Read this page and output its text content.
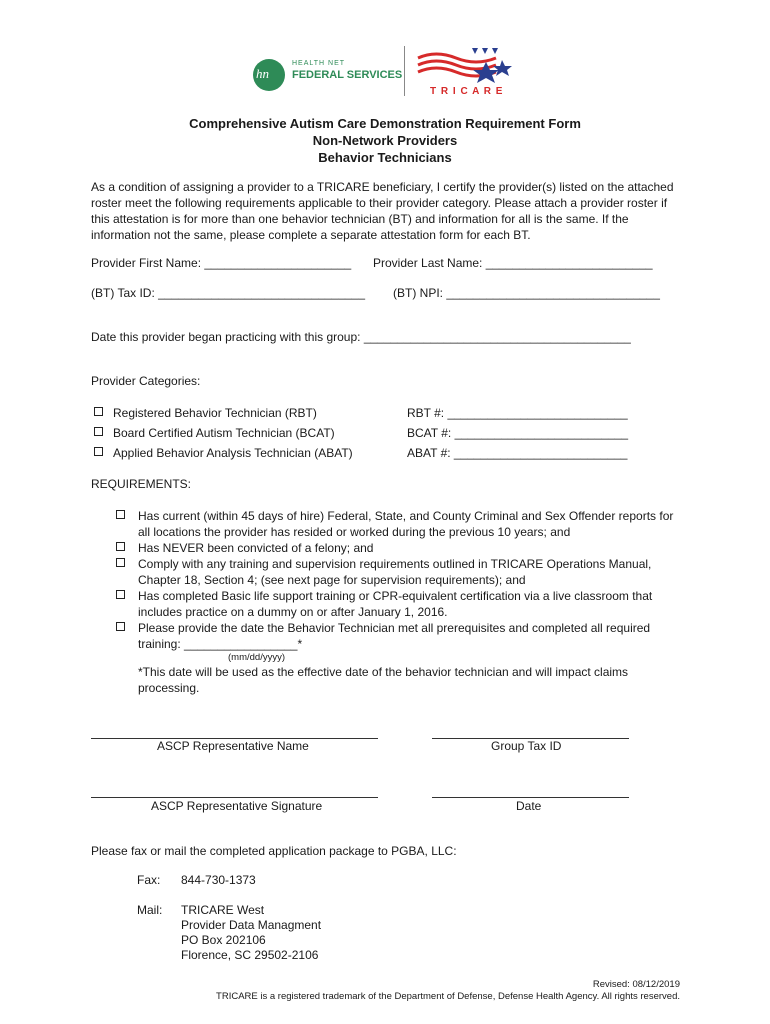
hn
HEALTH NET
FEDERAL SERVICES
T R I C A R E
Comprehensive Autism Care Demonstration Requirement Form
Non-Network Providers
Behavior Technicians
As a condition of assigning a provider to a TRICARE beneficiary, I certify the provider(s) listed on the attached roster meet the following requirements applicable to their provider category. Please attach a provider roster if this attestation is for more than one behavior technician (BT) and information for all is the same. If the information not the same, please complete a separate attestation form for each BT.
Provider First Name: ______________________ Provider Last Name: _________________________
(BT) Tax ID: _______________________________ (BT) NPI: ________________________________
Date this provider began practicing with this group: ________________________________________
Provider Categories:
Registered Behavior Technician (RBT)	RBT #: ___________________________
Board Certified Autism Technician (BCAT)	BCAT #: __________________________
Applied Behavior Analysis Technician (ABAT)	ABAT #: __________________________
REQUIREMENTS:
Has current (within 45 days of hire) Federal, State, and County Criminal and Sex Offender reports for all locations the provider has resided or worked during the previous 10 years; and
Has NEVER been convicted of a felony; and
Comply with any training and supervision requirements outlined in TRICARE Operations Manual, Chapter 18, Section 4; (see next page for supervision requirements); and
Has completed Basic life support training or CPR-equivalent certification via a live classroom that includes practice on a dummy on or after January 1, 2016.
Please provide the date the Behavior Technician met all prerequisites and completed all required
training: _________________*
(mm/dd/yyyy)
*This date will be used as the effective date of the behavior technician and will impact claims processing.
ASCP Representative Name	Group Tax ID
ASCP Representative Signature	Date
Please fax or mail the completed application package to PGBA, LLC:
Fax: 844-730-1373
Mail: TRICARE West
Provider Data Managment
PO Box 202106
Florence, SC 29502-2106
Revised: 08/12/2019
TRICARE is a registered trademark of the Department of Defense, Defense Health Agency. All rights reserved.
